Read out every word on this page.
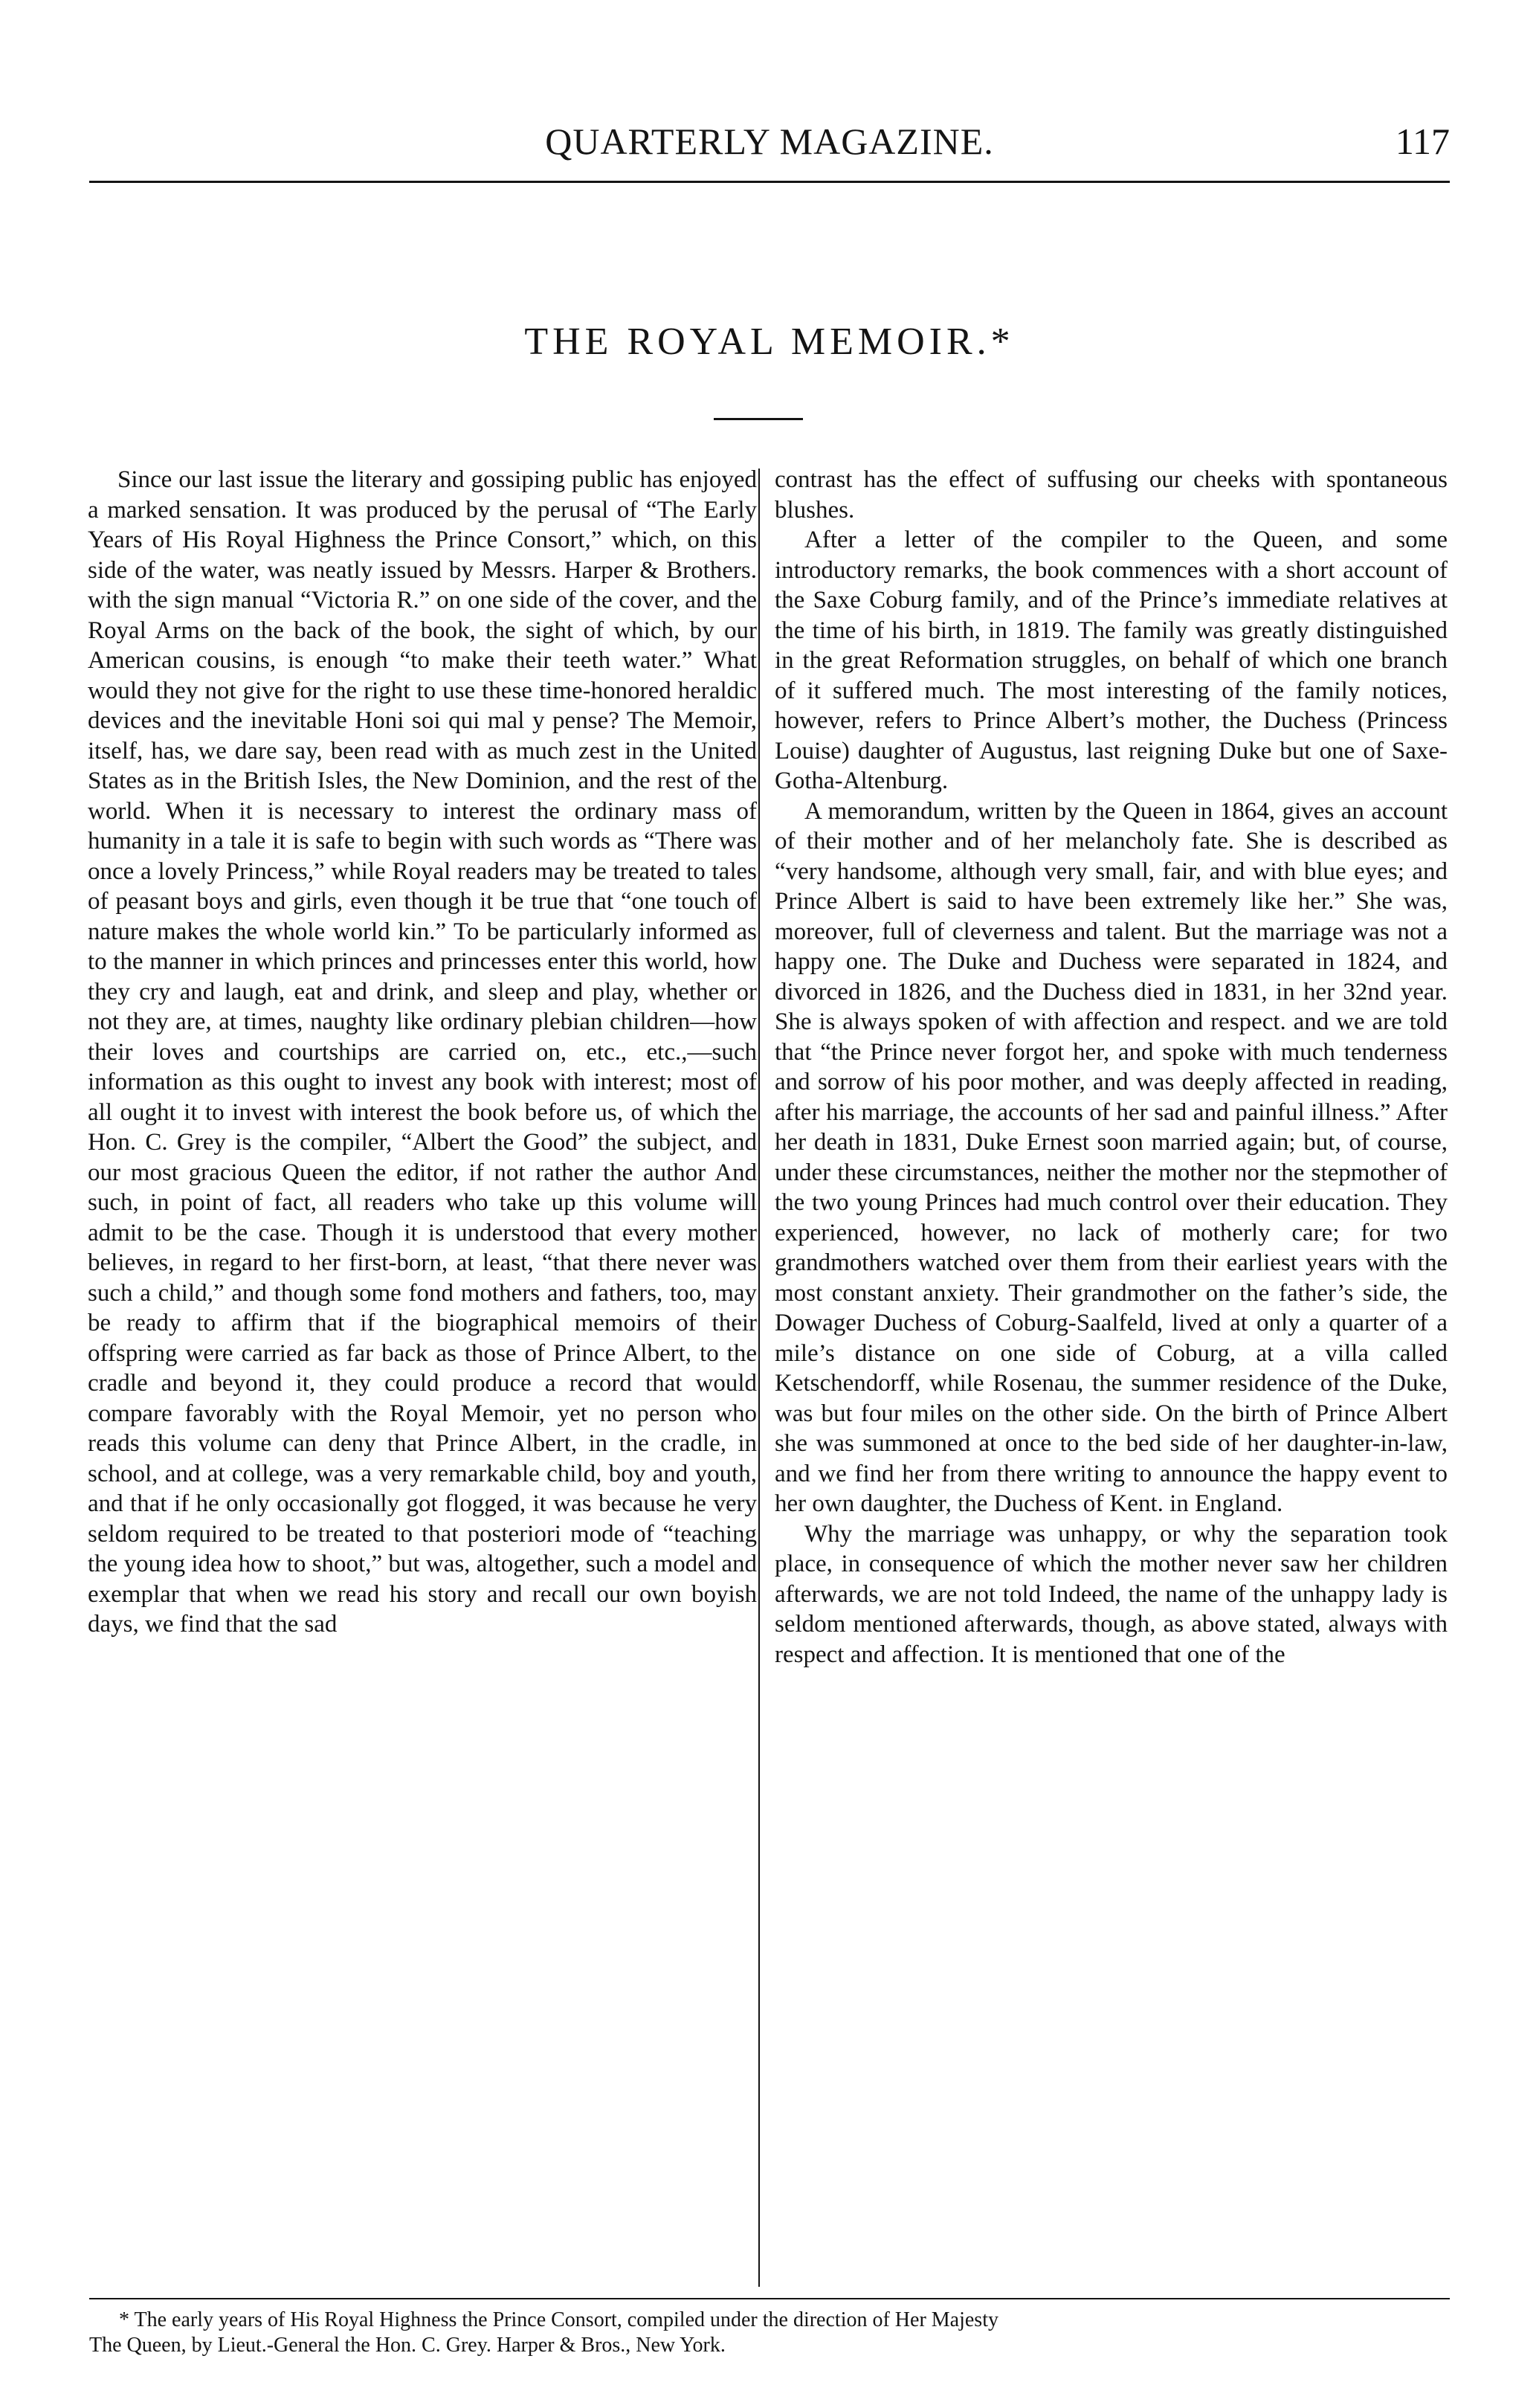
QUARTERLY MAGAZINE.	117
THE ROYAL MEMOIR.*

Since our last issue the literary and gossiping public has enjoyed a marked sensation. It was produced by the perusal of “The Early Years of His Royal Highness the Prince Consort,” which, on this side of the water, was neatly issued by Messrs. Harper & Brothers. with the sign manual “Victoria R.” on one side of the cover, and the Royal Arms on the back of the book, the sight of which, by our American cousins, is enough “to make their teeth water.” What would they not give for the right to use these time-honored heraldic devices and the inevitable Honi soi qui mal y pense? The Memoir, itself, has, we dare say, been read with as much zest in the United States as in the British Isles, the New Dominion, and the rest of the world. When it is necessary to interest the ordinary mass of humanity in a tale it is safe to begin with such words as “There was once a lovely Princess,” while Royal readers may be treated to tales of peasant boys and girls, even though it be true that “one touch of nature makes the whole world kin.” To be particularly informed as to the manner in which princes and princesses enter this world, how they cry and laugh, eat and drink, and sleep and play, whether or not they are, at times, naughty like ordinary plebian children—how their loves and courtships are carried on, etc., etc.,—such information as this ought to invest any book with interest; most of all ought it to invest with interest the book before us, of which the Hon. C. Grey is the compiler, “Albert the Good” the subject, and our most gracious Queen the editor, if not rather the author And such, in point of fact, all readers who take up this volume will admit to be the case. Though it is understood that every mother believes, in regard to her first-born, at least, “that there never was such a child,” and though some fond mothers and fathers, too, may be ready to affirm that if the biographical memoirs of their offspring were carried as far back as those of Prince Albert, to the cradle and beyond it, they could produce a record that would compare favorably with the Royal Memoir, yet no person who reads this volume can deny that Prince Albert, in the cradle, in school, and at college, was a very remarkable child, boy and youth, and that if he only occasionally got flogged, it was because he very seldom required to be treated to that posteriori mode of “teaching the young idea how to shoot,” but was, altogether, such a model and exemplar that when we read his story and recall our own boyish days, we find that the sad

contrast has the effect of suffusing our cheeks with spontaneous blushes.

After a letter of the compiler to the Queen, and some introductory remarks, the book commences with a short account of the Saxe Coburg family, and of the Prince’s immediate relatives at the time of his birth, in 1819. The family was greatly distinguished in the great Reformation struggles, on behalf of which one branch of it suffered much. The most interesting of the family notices, however, refers to Prince Albert’s mother, the Duchess (Princess Louise) daughter of Augustus, last reigning Duke but one of Saxe-Gotha-Altenburg.

A memorandum, written by the Queen in 1864, gives an account of their mother and of her melancholy fate. She is described as “very handsome, although very small, fair, and with blue eyes; and Prince Albert is said to have been extremely like her.” She was, moreover, full of cleverness and talent. But the marriage was not a happy one. The Duke and Duchess were separated in 1824, and divorced in 1826, and the Duchess died in 1831, in her 32nd year. She is always spoken of with affection and respect. and we are told that “the Prince never forgot her, and spoke with much tenderness and sorrow of his poor mother, and was deeply affected in reading, after his marriage, the accounts of her sad and painful illness.” After her death in 1831, Duke Ernest soon married again; but, of course, under these circumstances, neither the mother nor the stepmother of the two young Princes had much control over their education. They experienced, however, no lack of motherly care; for two grandmothers watched over them from their earliest years with the most constant anxiety. Their grandmother on the father’s side, the Dowager Duchess of Coburg-Saalfeld, lived at only a quarter of a mile’s distance on one side of Coburg, at a villa called Ketschendorff, while Rosenau, the summer residence of the Duke, was but four miles on the other side. On the birth of Prince Albert she was summoned at once to the bed side of her daughter-in-law, and we find her from there writing to announce the happy event to her own daughter, the Duchess of Kent. in England.

Why the marriage was unhappy, or why the separation took place, in consequence of which the mother never saw her children afterwards, we are not told Indeed, the name of the unhappy lady is seldom mentioned afterwards, though, as above stated, always with respect and affection. It is mentioned that one of the

* The early years of His Royal Highness the Prince Consort, compiled under the direction of Her Majesty
The Queen, by Lieut.-General the Hon. C. Grey. Harper & Bros., New York.
